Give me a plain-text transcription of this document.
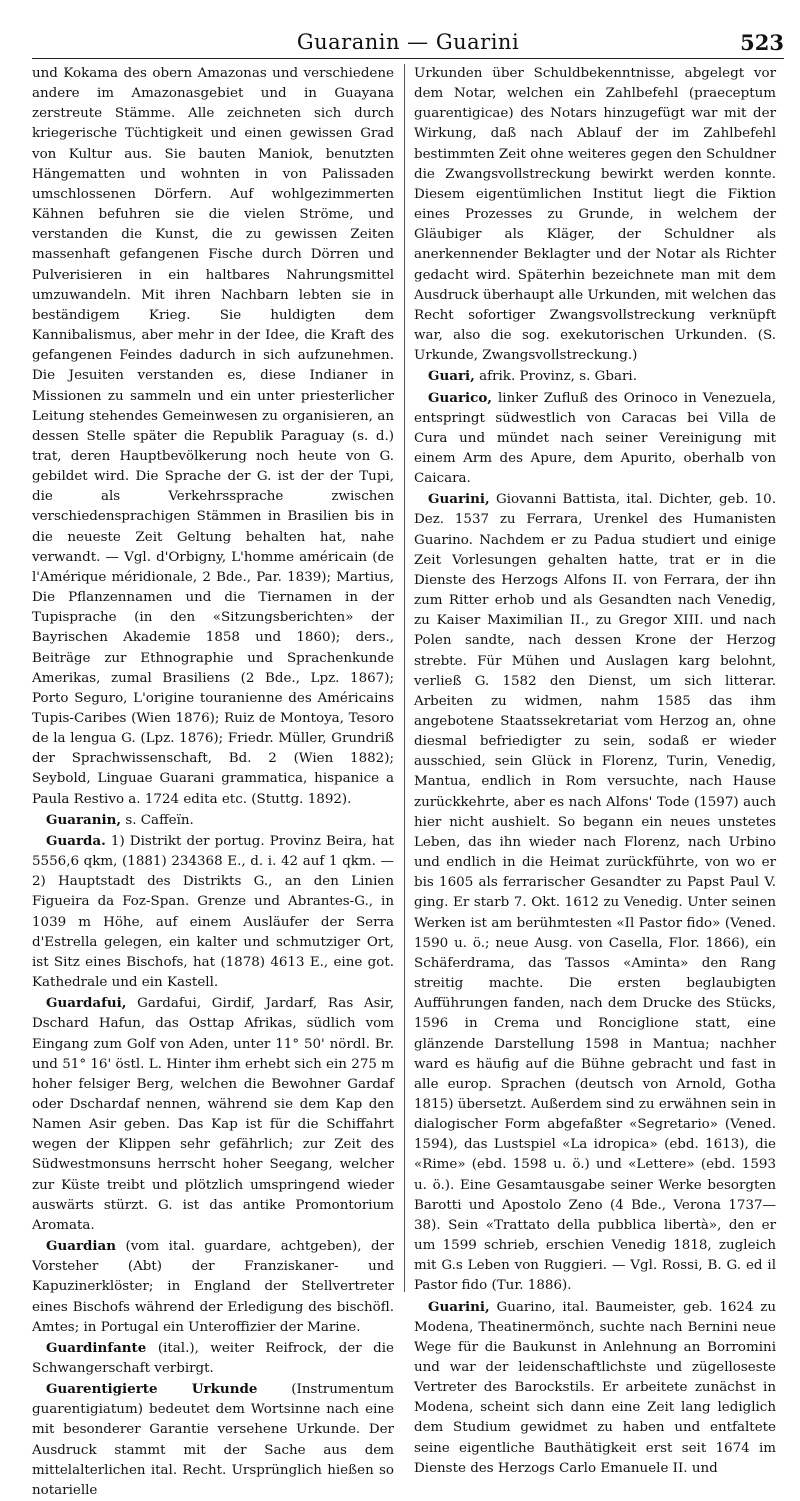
Guaranin — Guarini	523

und Kokama des obern Amazonas und verschiedene andere im Amazonasgebiet und in Guayana zerstreute Stämme. Alle zeichneten sich durch kriegerische Tüchtigkeit und einen gewissen Grad von Kultur aus. Sie bauten Maniok, benutzten Hängematten und wohnten in von Palissaden umschlossenen Dörfern. Auf wohlgezimmerten Kähnen befuhren sie die vielen Ströme, und verstanden die Kunst, die zu gewissen Zeiten massenhaft gefangenen Fische durch Dörren und Pulverisieren in ein haltbares Nahrungsmittel umzuwandeln. Mit ihren Nachbarn lebten sie in beständigem Krieg. Sie huldigten dem Kannibalismus, aber mehr in der Idee, die Kraft des gefangenen Feindes dadurch in sich aufzunehmen. Die Jesuiten verstanden es, diese Indianer in Missionen zu sammeln und ein unter priesterlicher Leitung stehendes Gemeinwesen zu organisieren, an dessen Stelle später die Republik Paraguay (s. d.) trat, deren Hauptbevölkerung noch heute von G. gebildet wird. Die Sprache der G. ist der der Tupi, die als Verkehrssprache zwischen verschiedensprachigen Stämmen in Brasilien bis in die neueste Zeit Geltung behalten hat, nahe verwandt. — Vgl. d'Orbigny, L'homme américain (de l'Amérique méridionale, 2 Bde., Par. 1839); Martius, Die Pflanzennamen und die Tiernamen in der Tupisprache (in den «Sitzungsberichten» der Bayrischen Akademie 1858 und 1860); ders., Beiträge zur Ethnographie und Sprachenkunde Amerikas, zumal Brasiliens (2 Bde., Lpz. 1867); Porto Seguro, L'origine touranienne des Américains Tupis-Caribes (Wien 1876); Ruiz de Montoya, Tesoro de la lengua G. (Lpz. 1876); Friedr. Müller, Grundriß der Sprachwissenschaft, Bd. 2 (Wien 1882); Seybold, Linguae Guarani grammatica, hispanice a Paula Restivo a. 1724 edita etc. (Stuttg. 1892).

Guaranin, s. Caffeïn.

Guarda. 1) Distrikt der portug. Provinz Beira, hat 5556,6 qkm, (1881) 234368 E., d. i. 42 auf 1 qkm. — 2) Hauptstadt des Distrikts G., an den Linien Figueira da Foz-Span. Grenze und Abrantes-G., in 1039 m Höhe, auf einem Ausläufer der Serra d'Estrella gelegen, ein kalter und schmutziger Ort, ist Sitz eines Bischofs, hat (1878) 4613 E., eine got. Kathedrale und ein Kastell.

Guardafui, Gardafui, Girdif, Jardarf, Ras Asir, Dschard Hafun, das Osttap Afrikas, südlich vom Eingang zum Golf von Aden, unter 11° 50' nördl. Br. und 51° 16' östl. L. Hinter ihm erhebt sich ein 275 m hoher felsiger Berg, welchen die Bewohner Gardaf oder Dschardaf nennen, während sie dem Kap den Namen Asir geben. Das Kap ist für die Schiffahrt wegen der Klippen sehr gefährlich; zur Zeit des Südwestmonsuns herrscht hoher Seegang, welcher zur Küste treibt und plötzlich umspringend wieder auswärts stürzt. G. ist das antike Promontorium Aromata.

Guardian (vom ital. guardare, achtgeben), der Vorsteher (Abt) der Franziskaner- und Kapuzinerklöster; in England der Stellvertreter eines Bischofs während der Erledigung des bischöfl. Amtes; in Portugal ein Unteroffizier der Marine.

Guardinfante (ital.), weiter Reifrock, der die Schwangerschaft verbirgt.

Guarentigierte Urkunde (Instrumentum guarentigiatum) bedeutet dem Wortsinne nach eine mit besonderer Garantie versehene Urkunde. Der Ausdruck stammt mit der Sache aus dem mittelalterlichen ital. Recht. Ursprünglich hießen so notarielle

Urkunden über Schuldbekenntnisse, abgelegt vor dem Notar, welchen ein Zahlbefehl (praeceptum guarentigicae) des Notars hinzugefügt war mit der Wirkung, daß nach Ablauf der im Zahlbefehl bestimmten Zeit ohne weiteres gegen den Schuldner die Zwangsvollstreckung bewirkt werden konnte. Diesem eigentümlichen Institut liegt die Fiktion eines Prozesses zu Grunde, in welchem der Gläubiger als Kläger, der Schuldner als anerkennender Beklagter und der Notar als Richter gedacht wird. Späterhin bezeichnete man mit dem Ausdruck überhaupt alle Urkunden, mit welchen das Recht sofortiger Zwangsvollstreckung verknüpft war, also die sog. exekutorischen Urkunden. (S. Urkunde, Zwangsvollstreckung.)

Guari, afrik. Provinz, s. Gbari.

Guarico, linker Zufluß des Orinoco in Venezuela, entspringt südwestlich von Caracas bei Villa de Cura und mündet nach seiner Vereinigung mit einem Arm des Apure, dem Apurito, oberhalb von Caicara.

Guarini, Giovanni Battista, ital. Dichter, geb. 10. Dez. 1537 zu Ferrara, Urenkel des Humanisten Guarino. Nachdem er zu Padua studiert und einige Zeit Vorlesungen gehalten hatte, trat er in die Dienste des Herzogs Alfons II. von Ferrara, der ihn zum Ritter erhob und als Gesandten nach Venedig, zu Kaiser Maximilian II., zu Gregor XIII. und nach Polen sandte, nach dessen Krone der Herzog strebte. Für Mühen und Auslagen karg belohnt, verließ G. 1582 den Dienst, um sich litterar. Arbeiten zu widmen, nahm 1585 das ihm angebotene Staatssekretariat vom Herzog an, ohne diesmal befriedigter zu sein, sodaß er wieder ausschied, sein Glück in Florenz, Turin, Venedig, Mantua, endlich in Rom versuchte, nach Hause zurückkehrte, aber es nach Alfons' Tode (1597) auch hier nicht aushielt. So begann ein neues unstetes Leben, das ihn wieder nach Florenz, nach Urbino und endlich in die Heimat zurückführte, von wo er bis 1605 als ferrarischer Gesandter zu Papst Paul V. ging. Er starb 7. Okt. 1612 zu Venedig. Unter seinen Werken ist am berühmtesten «Il Pastor fido» (Vened. 1590 u. ö.; neue Ausg. von Casella, Flor. 1866), ein Schäferdrama, das Tassos «Aminta» den Rang streitig machte. Die ersten beglaubigten Aufführungen fanden, nach dem Drucke des Stücks, 1596 in Crema und Ronciglione statt, eine glänzende Darstellung 1598 in Mantua; nachher ward es häufig auf die Bühne gebracht und fast in alle europ. Sprachen (deutsch von Arnold, Gotha 1815) übersetzt. Außerdem sind zu erwähnen sein in dialogischer Form abgefaßter «Segretario» (Vened. 1594), das Lustspiel «La idropica» (ebd. 1613), die «Rime» (ebd. 1598 u. ö.) und «Lettere» (ebd. 1593 u. ö.). Eine Gesamtausgabe seiner Werke besorgten Barotti und Apostolo Zeno (4 Bde., Verona 1737—38). Sein «Trattato della pubblica libertà», den er um 1599 schrieb, erschien Venedig 1818, zugleich mit G.s Leben von Ruggieri. — Vgl. Rossi, B. G. ed il Pastor fido (Tur. 1886).

Guarini, Guarino, ital. Baumeister, geb. 1624 zu Modena, Theatinermönch, suchte nach Bernini neue Wege für die Baukunst in Anlehnung an Borromini und war der leidenschaftlichste und zügelloseste Vertreter des Barockstils. Er arbeitete zunächst in Modena, scheint sich dann eine Zeit lang lediglich dem Studium gewidmet zu haben und entfaltete seine eigentliche Bauthätigkeit erst seit 1674 im Dienste des Herzogs Carlo Emanuele II. und
